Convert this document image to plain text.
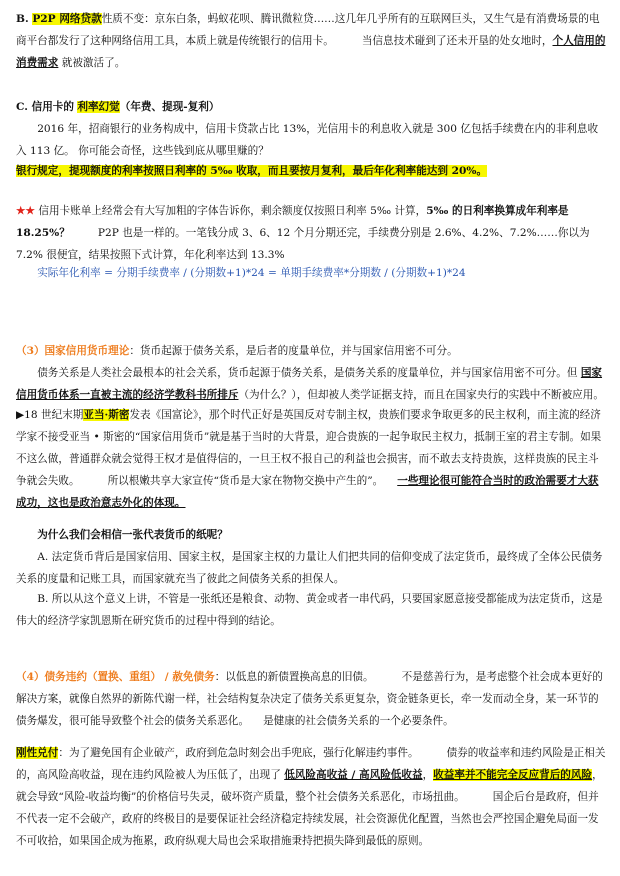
B. P2P 网络贷款性质不变：京东白条，蚂蚁花呗、腾讯微粒贷……这几年几乎所有的互联网巨头，又生气是有消费场景的电商平台都发行了这种网络信用工具，本质上就是传统银行的信用卡。	当信息技术碰到了还未开垦的处女地时，个人信用的消费需求 就被激活了。
C. 信用卡的 利率幻觉（年费、提现-复利）
2016 年，招商银行的业务构成中，信用卡贷款占比 13%，光信用卡的利息收入就是 300 亿包括手续费在内的非利息收入 113 亿。 你可能会奇怪，这些钱到底从哪里赚的？
银行规定，提现额度的利率按照日利率的 5‰ 收取，而且要按月复利，最后年化利率能达到 20%。
★★ 信用卡账单上经常会有大写加粗的字体告诉你，剩余额度仅按照日利率 5‰ 计算，5‰ 的日利率换算成年利率是 18.25%？	P2P 也是一样的。一笔钱分成 3、6、12 个月分期还完，手续费分别是 2.6%、4.2%、7.2%……你以为 7.2% 很便宜，结果按照下式计算，年化利率达到 13.3%
实际年化利率 = 分期手续费率 / (分期数+1)*24 = 单期手续费率*分期数 / (分期数+1)*24
（3）国家信用货币理论：货币起源于债务关系，是后者的度量单位，并与国家信用密不可分。
债务关系是人类社会最根本的社会关系，货币起源于债务关系，是债务关系的度量单位，并与国家信用密不可分。但 国家信用货币体系一直被主流的经济学教科书所排斥（为什么？），但却被人类学证据支持，而且在国家央行的实践中不断被应用。
▶18 世纪末期亚当·斯密发表《国富论》，那个时代正好是英国反对专制主权，贵族们要求争取更多的民主权利，而主流的经济学家不接受亚当 • 斯密的“国家信用货币”就是基于当时的大背景，迎合贵族的一起争取民主权力，抵制王室的君主专制。如果不这么做，普通群众就会觉得王权才是值得信的，一旦王权不报自己的利益也会损害，而不敢去支持贵族，这样贵族的民主斗争就会失败。	所以根嫩共享大家宣传“货币是大家在物物交换中产生的”。 一些理论很可能符合当时的政治需要才大获成功，这也是政治意志外化的体现。
为什么我们会相信一张代表货币的纸呢？
A. 法定货币背后是国家信用、国家主权，是国家主权的力量让人们把共同的信仰变成了法定货币，最终成了全体公民债务关系的度量和记账工具，而国家就充当了彼此之间债务关系的担保人。
B. 所以从这个意义上讲，不管是一张纸还是粮食、动物、黄金或者一串代码，只要国家愿意接受都能成为法定货币，这是伟大的经济学家凯恩斯在研究货币的过程中得到的结论。
（4）债务违约（置换、重组） / 赦免债务：以低息的新债置换高息的旧债。	不是慈善行为，是考虑整个社会成本更好的解决方案，就像自然界的新陈代谢一样，社会结构复杂决定了债务关系更复杂，资金链条更长，牵一发而动全身，某一环节的债务爆发，很可能导致整个社会的债务关系恶化。 是健康的社会债务关系的一个必要条件。
刚性兑付：为了避免国有企业破产，政府到危急时刻会出手兜底，强行化解违约事件。	债券的收益率和违约风险是正相关的，高风险高收益，现在违约风险被人为压低了，出现了 低风险高收益 / 高风险低收益，收益率并不能完全反应背后的风险，就会导致“风险-收益均衡”的价格信号失灵，破坏资产质量，整个社会债务关系恶化，市场扭曲。	国企后台是政府，但并不代表一定不会破产，政府的终极目的是要保证社会经济稳定持续发展，社会资源优化配置，当然也会严控国企避免局面一发不可收拾，如果国企成为拖累，政府纵观大局也会采取措施秉持把损失降到最低的原则。
